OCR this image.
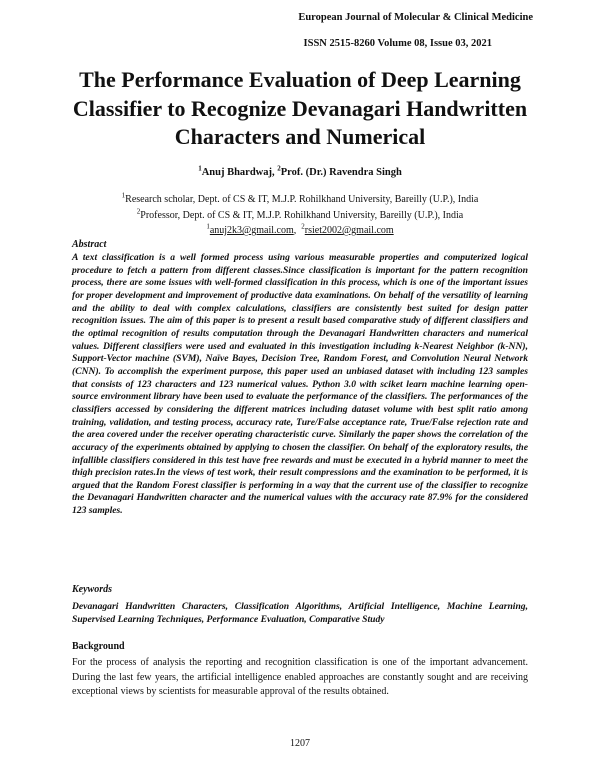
European Journal of Molecular & Clinical Medicine
ISSN 2515-8260 Volume 08, Issue 03, 2021
The Performance Evaluation of Deep Learning Classifier to Recognize Devanagari Handwritten Characters and Numerical
$^1$Anuj Bhardwaj, $^2$Prof. (Dr.) Ravendra Singh
$^1$Research scholar, Dept. of CS & IT, M.J.P. Rohilkhand University, Bareilly (U.P.), India
$^2$Professor, Dept. of CS & IT, M.J.P. Rohilkhand University, Bareilly (U.P.), India
$^1$anuj2k3@gmail.com,  $^2$rsiet2002@gmail.com
Abstract

A text classification is a well formed process using various measurable properties and computerized logical procedure to fetch a pattern from different classes.Since classification is important for the pattern recognition process, there are some issues with well-formed classification in this process, which is one of the important issues for proper development and improvement of productive data examinations. On behalf of the versatility of learning and the ability to deal with complex calculations, classifiers are consistently best suited for design patter recognition issues. The aim of this paper is to present a result based comparative study of different classifiers and the optimal recognition of results computation through the Devanagari Handwritten characters and numerical values. Different classifiers were used and evaluated in this investigation including k-Nearest Neighbor (k-NN), Support-Vector machine (SVM), Naïve Bayes, Decision Tree, Random Forest, and Convolution Neural Network (CNN). To accomplish the experiment purpose, this paper used an unbiased dataset with including 123 samples that consists of 123 characters and 123 numerical values. Python 3.0 with sciket learn machine learning open-source environment library have been used to evaluate the performance of the classifiers. The performances of the classifiers accessed by considering the different matrices including dataset volume with best split ratio among training, validation, and testing process, accuracy rate, Ture/False acceptance rate, True/False rejection rate and the area covered under the receiver operating characteristic curve. Similarly the paper shows the correlation of the accuracy of the experiments obtained by applying to chosen the classifier. On behalf of the exploratory results, the infallible classifiers considered in this test have free rewards and must be executed in a hybrid manner to meet the thigh precision rates.In the views of test work, their result compressions and the examination to be performed, it is argued that the Random Forest classifier is performing in a way that the current use of the classifier to recognize the Devanagari Handwritten character and the numerical values with the accuracy rate 87.9% for the considered 123 samples.

Keywords

Devanagari Handwritten Characters, Classification Algorithms, Artificial Intelligence, Machine Learning, Supervised Learning Techniques, Performance Evaluation, Comparative Study

Background

For the process of analysis the reporting and recognition classification is one of the important advancement. During the last few years, the artificial intelligence enabled approaches are constantly sought and are receiving exceptional views by scientists for measurable approval of the results obtained.

1207
